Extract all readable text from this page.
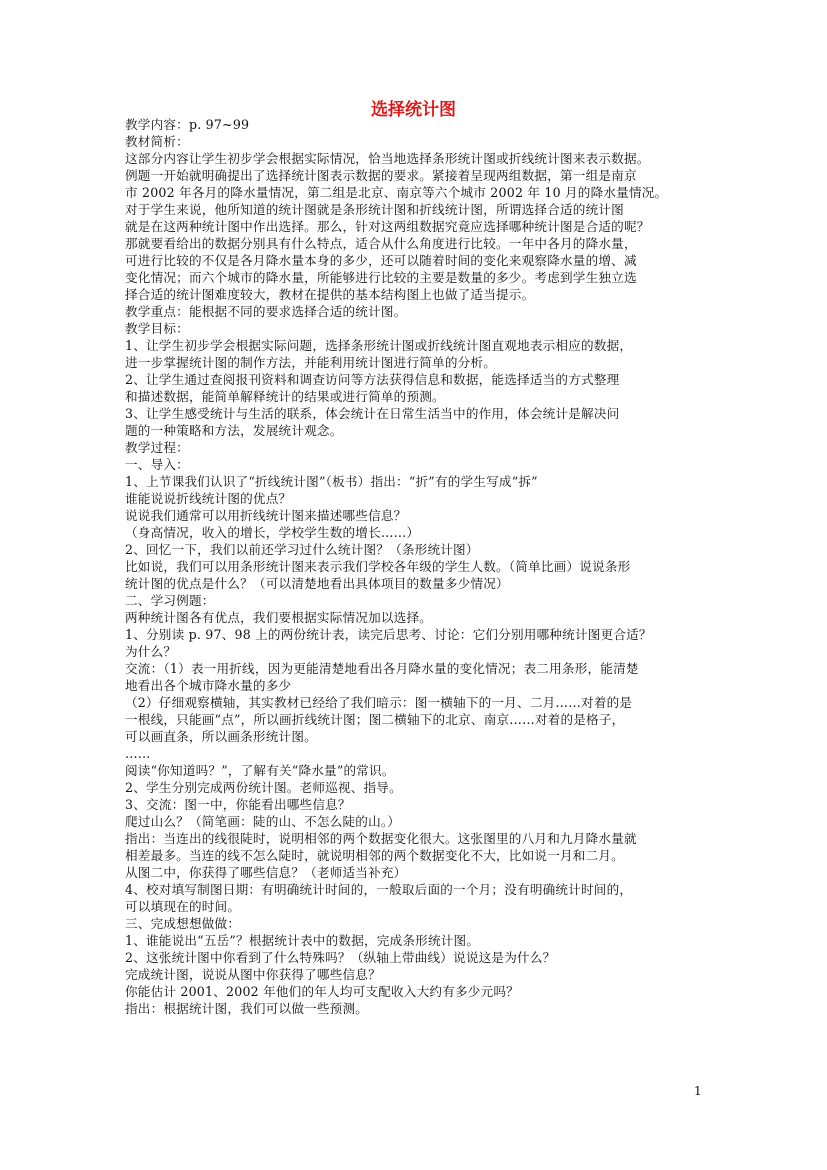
选择统计图
教学内容：p. 97~99
教材简析：
这部分内容让学生初步学会根据实际情况，恰当地选择条形统计图或折线统计图来表示数据。
例题一开始就明确提出了选择统计图表示数据的要求。紧接着呈现两组数据，第一组是南京
市 2002 年各月的降水量情况，第二组是北京、南京等六个城市 2002 年 10 月的降水量情况。
对于学生来说，他所知道的统计图就是条形统计图和折线统计图，所谓选择合适的统计图
就是在这两种统计图中作出选择。那么，针对这两组数据究竟应选择哪种统计图是合适的呢？
那就要看给出的数据分别具有什么特点，适合从什么角度进行比较。一年中各月的降水量，
可进行比较的不仅是各月降水量本身的多少，还可以随着时间的变化来观察降水量的增、减
变化情况；而六个城市的降水量，所能够进行比较的主要是数量的多少。考虑到学生独立选
择合适的统计图难度较大，教材在提供的基本结构图上也做了适当提示。
教学重点：能根据不同的要求选择合适的统计图。
教学目标：
1、让学生初步学会根据实际问题，选择条形统计图或折线统计图直观地表示相应的数据，
进一步掌握统计图的制作方法，并能利用统计图进行简单的分析。
2、让学生通过查阅报刊资料和调查访问等方法获得信息和数据，能选择适当的方式整理
和描述数据，能简单解释统计的结果或进行简单的预测。
3、让学生感受统计与生活的联系，体会统计在日常生活当中的作用，体会统计是解决问
题的一种策略和方法，发展统计观念。
教学过程：
一、导入：
1、上节课我们认识了“折线统计图”（板书）指出：“折”有的学生写成“拆”
谁能说说折线统计图的优点？
说说我们通常可以用折线统计图来描述哪些信息？
（身高情况，收入的增长，学校学生数的增长……）
2、回忆一下，我们以前还学习过什么统计图？（条形统计图）
比如说，我们可以用条形统计图来表示我们学校各年级的学生人数。（简单比画）说说条形
统计图的优点是什么？（可以清楚地看出具体项目的数量多少情况）
二、学习例题：
两种统计图各有优点，我们要根据实际情况加以选择。
1、分别读 p. 97、98 上的两份统计表，读完后思考、讨论：它们分别用哪种统计图更合适？
为什么？
交流：（1）表一用折线，因为更能清楚地看出各月降水量的变化情况；表二用条形，能清楚
地看出各个城市降水量的多少
（2）仔细观察横轴，其实教材已经给了我们暗示：图一横轴下的一月、二月……对着的是
一根线，只能画“点”，所以画折线统计图；图二横轴下的北京、南京……对着的是格子，
可以画直条，所以画条形统计图。
……
阅读“你知道吗？”，了解有关“降水量”的常识。
2、学生分别完成两份统计图。老师巡视、指导。
3、交流：图一中，你能看出哪些信息？
爬过山么？（简笔画：陡的山、不怎么陡的山。）
指出：当连出的线很陡时，说明相邻的两个数据变化很大。这张图里的八月和九月降水量就
相差最多。当连的线不怎么陡时，就说明相邻的两个数据变化不大，比如说一月和二月。
从图二中，你获得了哪些信息？（老师适当补充）
4、校对填写制图日期：有明确统计时间的，一般取后面的一个月；没有明确统计时间的，
可以填现在的时间。
三、完成想想做做：
1、谁能说出“五岳”？根据统计表中的数据，完成条形统计图。
2、这张统计图中你看到了什么特殊吗？（纵轴上带曲线）说说这是为什么？
完成统计图，说说从图中你获得了哪些信息？
你能估计 2001、2002 年他们的年人均可支配收入大约有多少元吗？
指出：根据统计图，我们可以做一些预测。
1
